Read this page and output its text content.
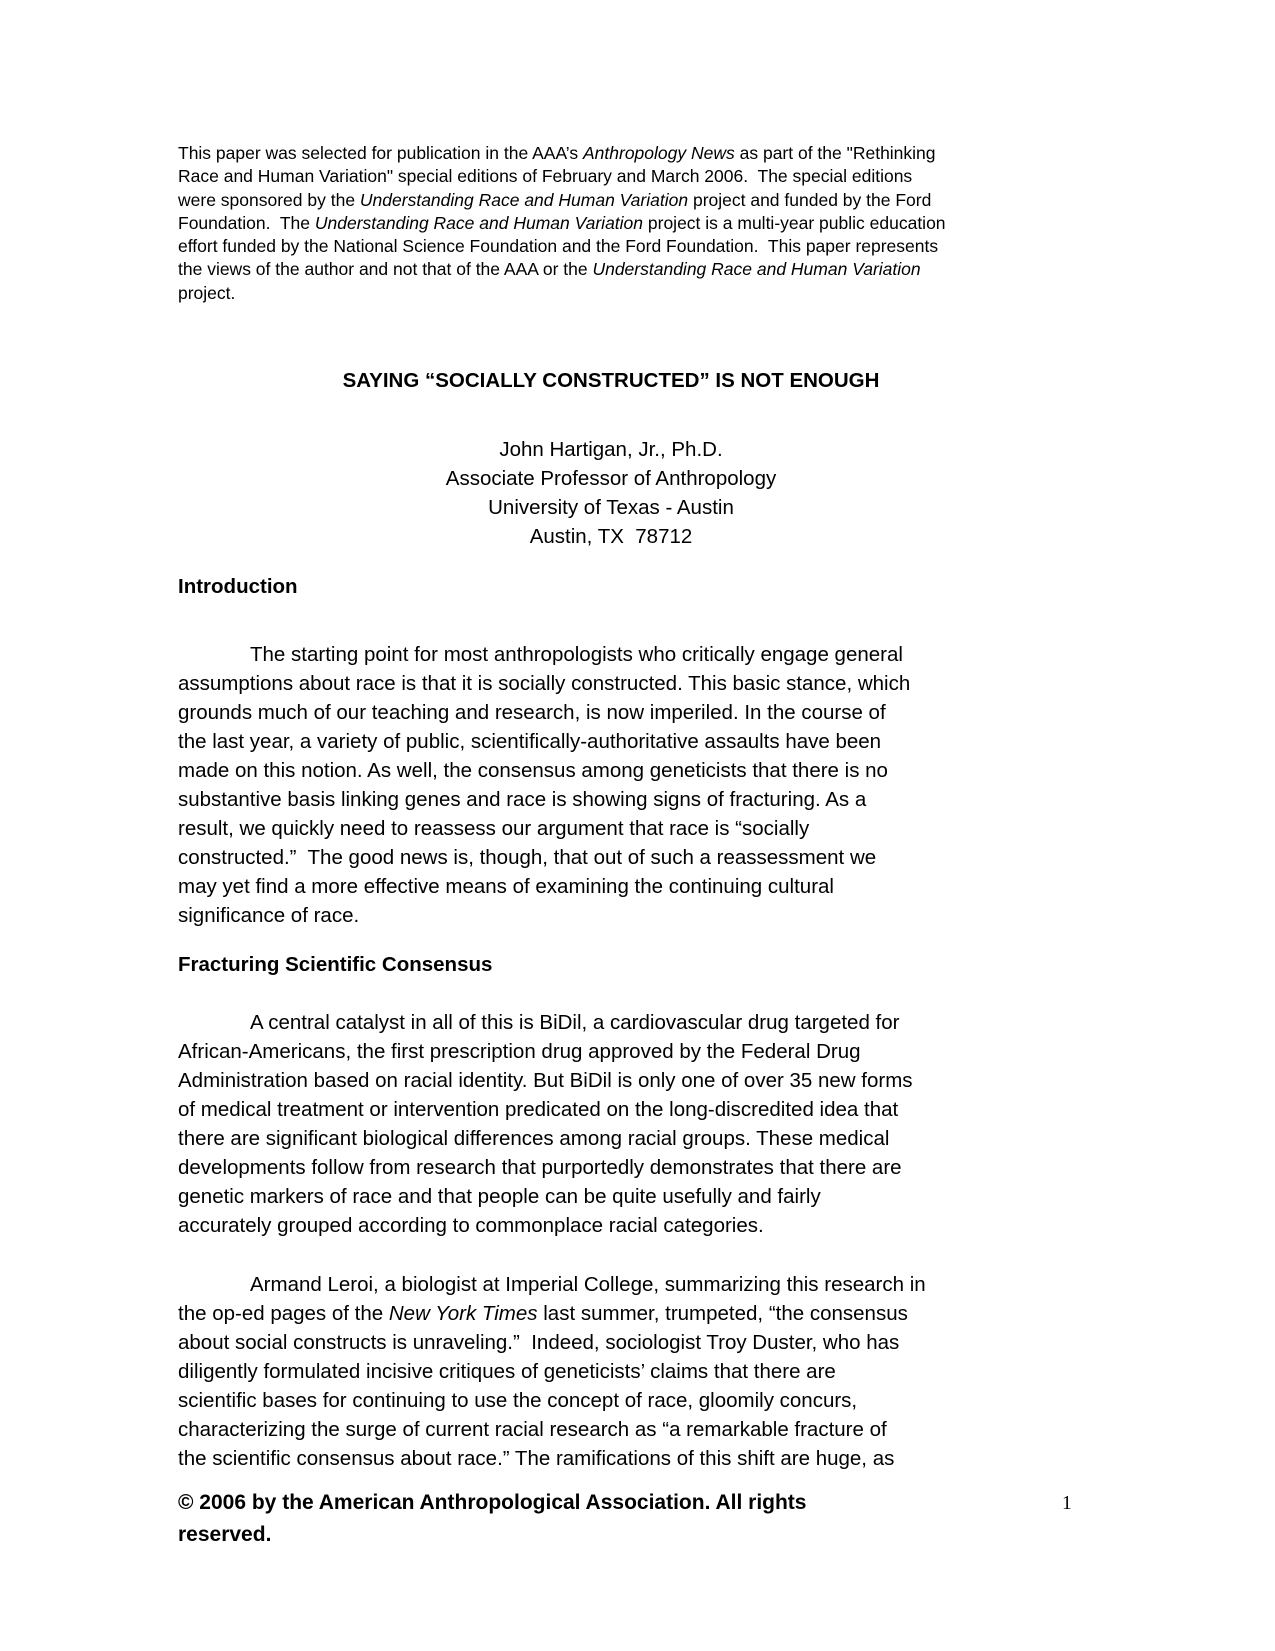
This paper was selected for publication in the AAA’s Anthropology News as part of the "Rethinking
Race and Human Variation" special editions of February and March 2006.  The special editions
were sponsored by the Understanding Race and Human Variation project and funded by the Ford
Foundation.  The Understanding Race and Human Variation project is a multi-year public education
effort funded by the National Science Foundation and the Ford Foundation.  This paper represents
the views of the author and not that of the AAA or the Understanding Race and Human Variation
project.
SAYING “SOCIALLY CONSTRUCTED” IS NOT ENOUGH
John Hartigan, Jr., Ph.D.
Associate Professor of Anthropology
University of Texas - Austin
Austin, TX  78712
Introduction
The starting point for most anthropologists who critically engage general
assumptions about race is that it is socially constructed. This basic stance, which
grounds much of our teaching and research, is now imperiled. In the course of
the last year, a variety of public, scientifically-authoritative assaults have been
made on this notion. As well, the consensus among geneticists that there is no
substantive basis linking genes and race is showing signs of fracturing. As a
result, we quickly need to reassess our argument that race is “socially
constructed.”  The good news is, though, that out of such a reassessment we
may yet find a more effective means of examining the continuing cultural
significance of race.
Fracturing Scientific Consensus
A central catalyst in all of this is BiDil, a cardiovascular drug targeted for
African-Americans, the first prescription drug approved by the Federal Drug
Administration based on racial identity. But BiDil is only one of over 35 new forms
of medical treatment or intervention predicated on the long-discredited idea that
there are significant biological differences among racial groups. These medical
developments follow from research that purportedly demonstrates that there are
genetic markers of race and that people can be quite usefully and fairly
accurately grouped according to commonplace racial categories.
Armand Leroi, a biologist at Imperial College, summarizing this research in
the op-ed pages of the New York Times last summer, trumpeted, “the consensus
about social constructs is unraveling.”  Indeed, sociologist Troy Duster, who has
diligently formulated incisive critiques of geneticists’ claims that there are
scientific bases for continuing to use the concept of race, gloomily concurs,
characterizing the surge of current racial research as “a remarkable fracture of
the scientific consensus about race.” The ramifications of this shift are huge, as
© 2006 by the American Anthropological Association. All rights
reserved.
1
